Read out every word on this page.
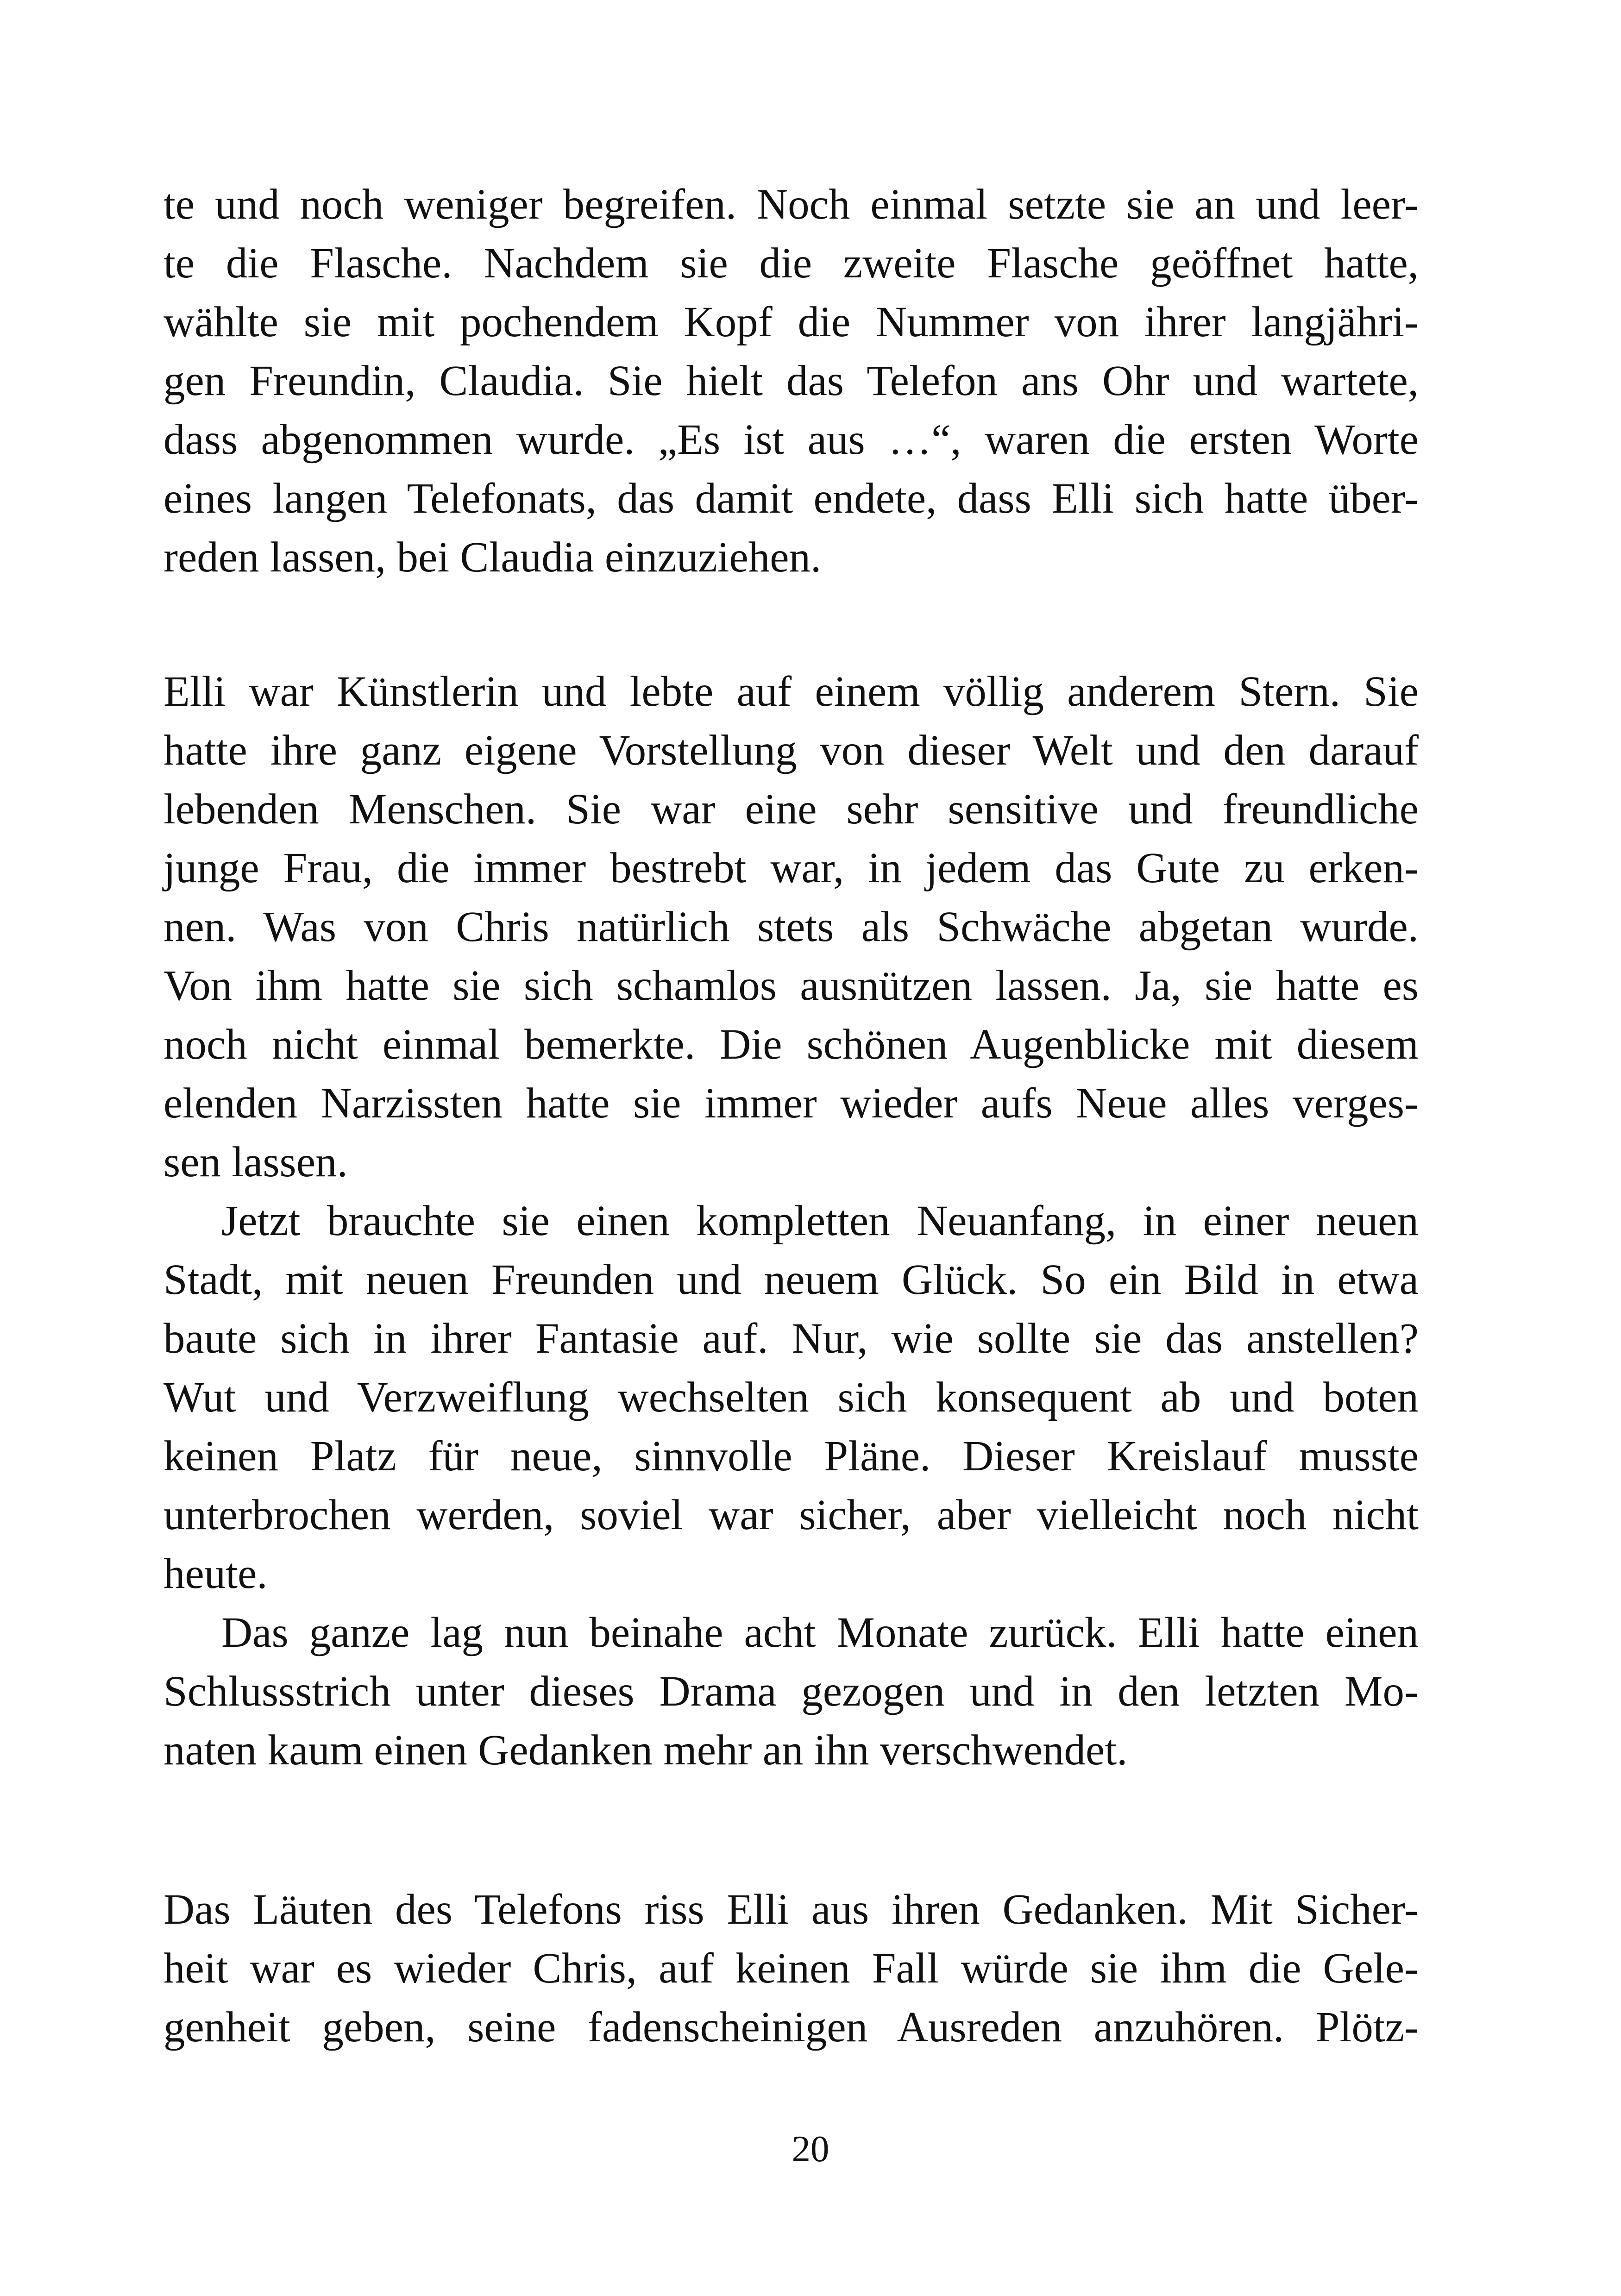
te und noch weniger begreifen. Noch einmal setzte sie an und leer-
te die Flasche. Nachdem sie die zweite Flasche geöffnet hatte,
wählte sie mit pochendem Kopf die Nummer von ihrer langjähri-
gen Freundin, Claudia. Sie hielt das Telefon ans Ohr und wartete,
dass abgenommen wurde. „Es ist aus …“, waren die ersten Worte
eines langen Telefonats, das damit endete, dass Elli sich hatte über-
reden lassen, bei Claudia einzuziehen.
Elli war Künstlerin und lebte auf einem völlig anderem Stern. Sie
hatte ihre ganz eigene Vorstellung von dieser Welt und den darauf
lebenden Menschen. Sie war eine sehr sensitive und freundliche
junge Frau, die immer bestrebt war, in jedem das Gute zu erken-
nen. Was von Chris natürlich stets als Schwäche abgetan wurde.
Von ihm hatte sie sich schamlos ausnützen lassen. Ja, sie hatte es
noch nicht einmal bemerkte. Die schönen Augenblicke mit diesem
elenden Narzissten hatte sie immer wieder aufs Neue alles verges-
sen lassen.
Jetzt brauchte sie einen kompletten Neuanfang, in einer neuen
Stadt, mit neuen Freunden und neuem Glück. So ein Bild in etwa
baute sich in ihrer Fantasie auf. Nur, wie sollte sie das anstellen?
Wut und Verzweiflung wechselten sich konsequent ab und boten
keinen Platz für neue, sinnvolle Pläne. Dieser Kreislauf musste
unterbrochen werden, soviel war sicher, aber vielleicht noch nicht
heute.
Das ganze lag nun beinahe acht Monate zurück. Elli hatte einen
Schlussstrich unter dieses Drama gezogen und in den letzten Mo-
naten kaum einen Gedanken mehr an ihn verschwendet.
Das Läuten des Telefons riss Elli aus ihren Gedanken. Mit Sicher-
heit war es wieder Chris, auf keinen Fall würde sie ihm die Gele-
genheit geben, seine fadenscheinigen Ausreden anzuhören. Plötz-
20
